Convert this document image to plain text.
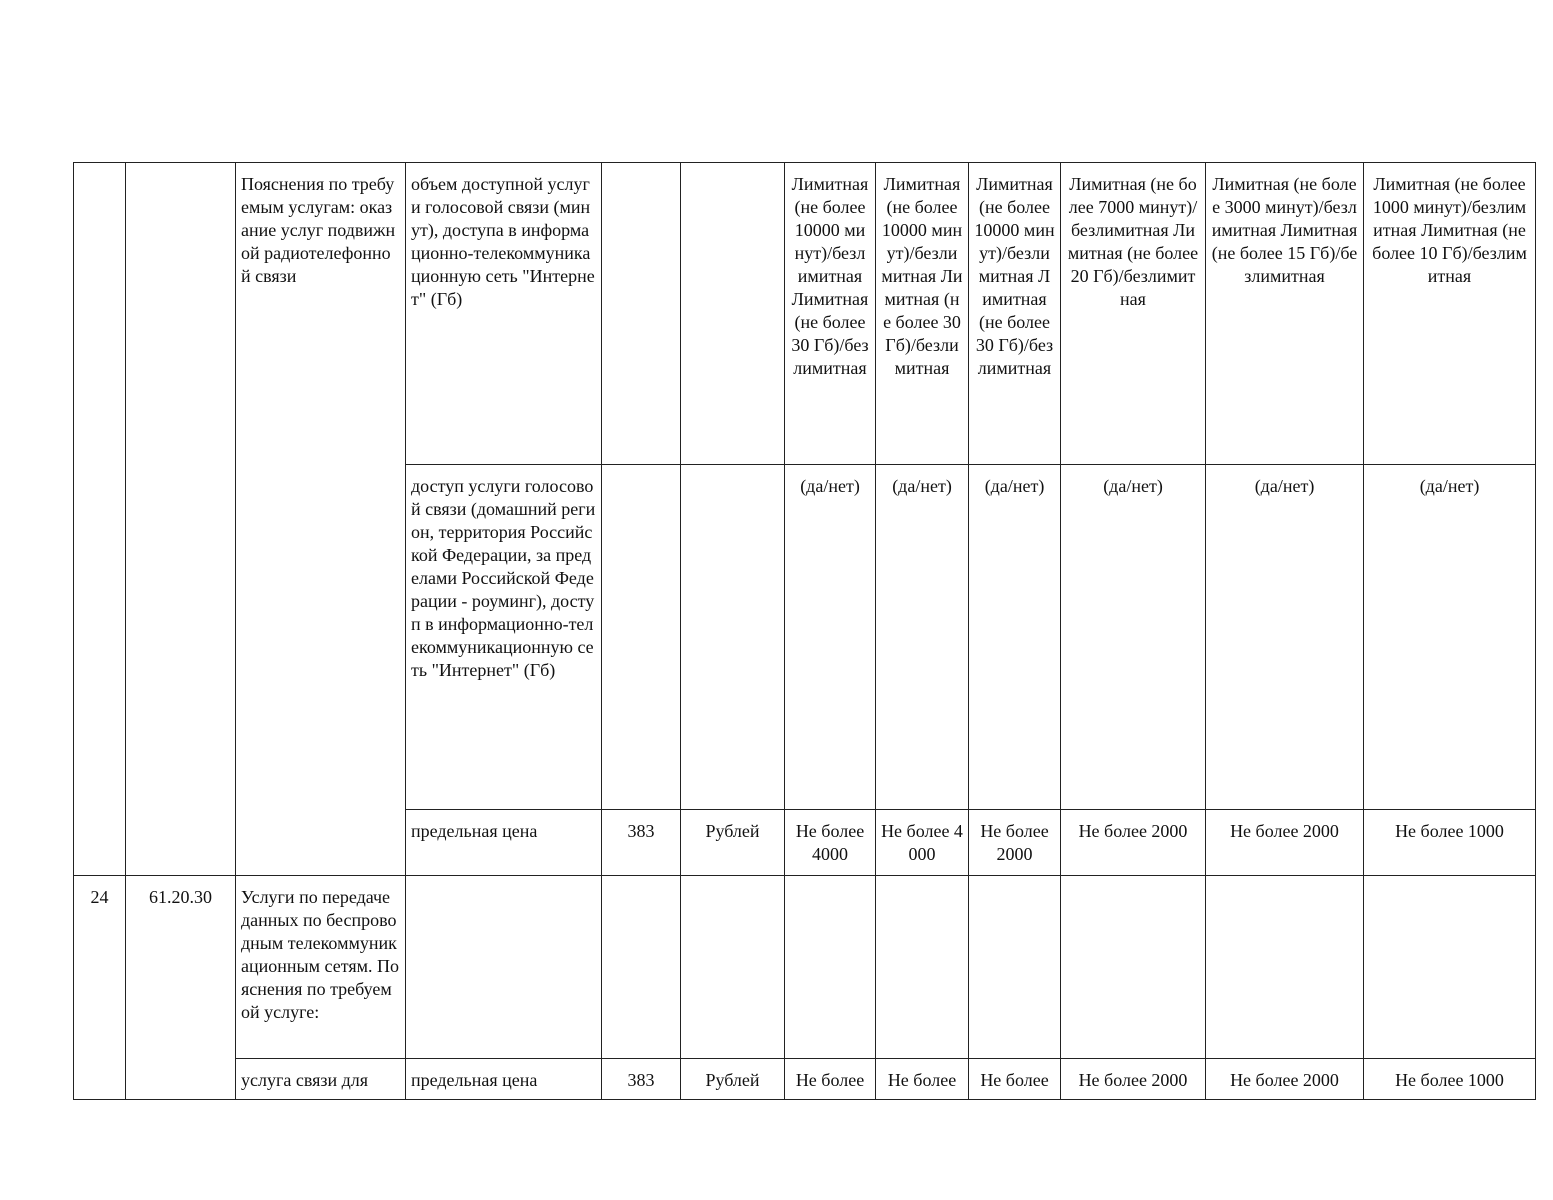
		Пояснения по требуемым услугам: оказание услуг подвижной радиотелефонной связи	объем доступной услуги голосовой связи (минут), доступа в информационно-телекоммуникационную сеть "Интернет" (Гб)			Лимитная (не более 10000 минут)/безлимитная Лимитная (не более 30 Гб)/безлимитная	Лимитная (не более 10000 минут)/безлимитная Лимитная (не более 30 Гб)/безлимитная	Лимитная (не более 10000 минут)/безлимитная Лимитная (не более 30 Гб)/безлимитная	Лимитная (не более 7000 минут)/безлимитная Лимитная (не более 20 Гб)/безлимитная	Лимитная (не более 3000 минут)/безлимитная Лимитная (не более 15 Гб)/безлимитная	Лимитная (не более 1000 минут)/безлимитная Лимитная (не более 10 Гб)/безлимитная
			доступ услуги голосовой связи (домашний регион, территория Российской Федерации, за пределами Российской Федерации - роуминг), доступ в информационно-телекоммуникационную сеть "Интернет" (Гб)			(да/нет)	(да/нет)	(да/нет)	(да/нет)	(да/нет)	(да/нет)
			предельная цена	383	Рублей	Не более 4000	Не более 4000	Не более 2000	Не более 2000	Не более 2000	Не более 1000
24	61.20.30	Услуги по передаче данных по беспроводным телекоммуникационным сетям. Пояснения по требуемой услуге:									
		услуга связи для	предельная цена	383	Рублей	Не более	Не более	Не более	Не более 2000	Не более 2000	Не более 1000
